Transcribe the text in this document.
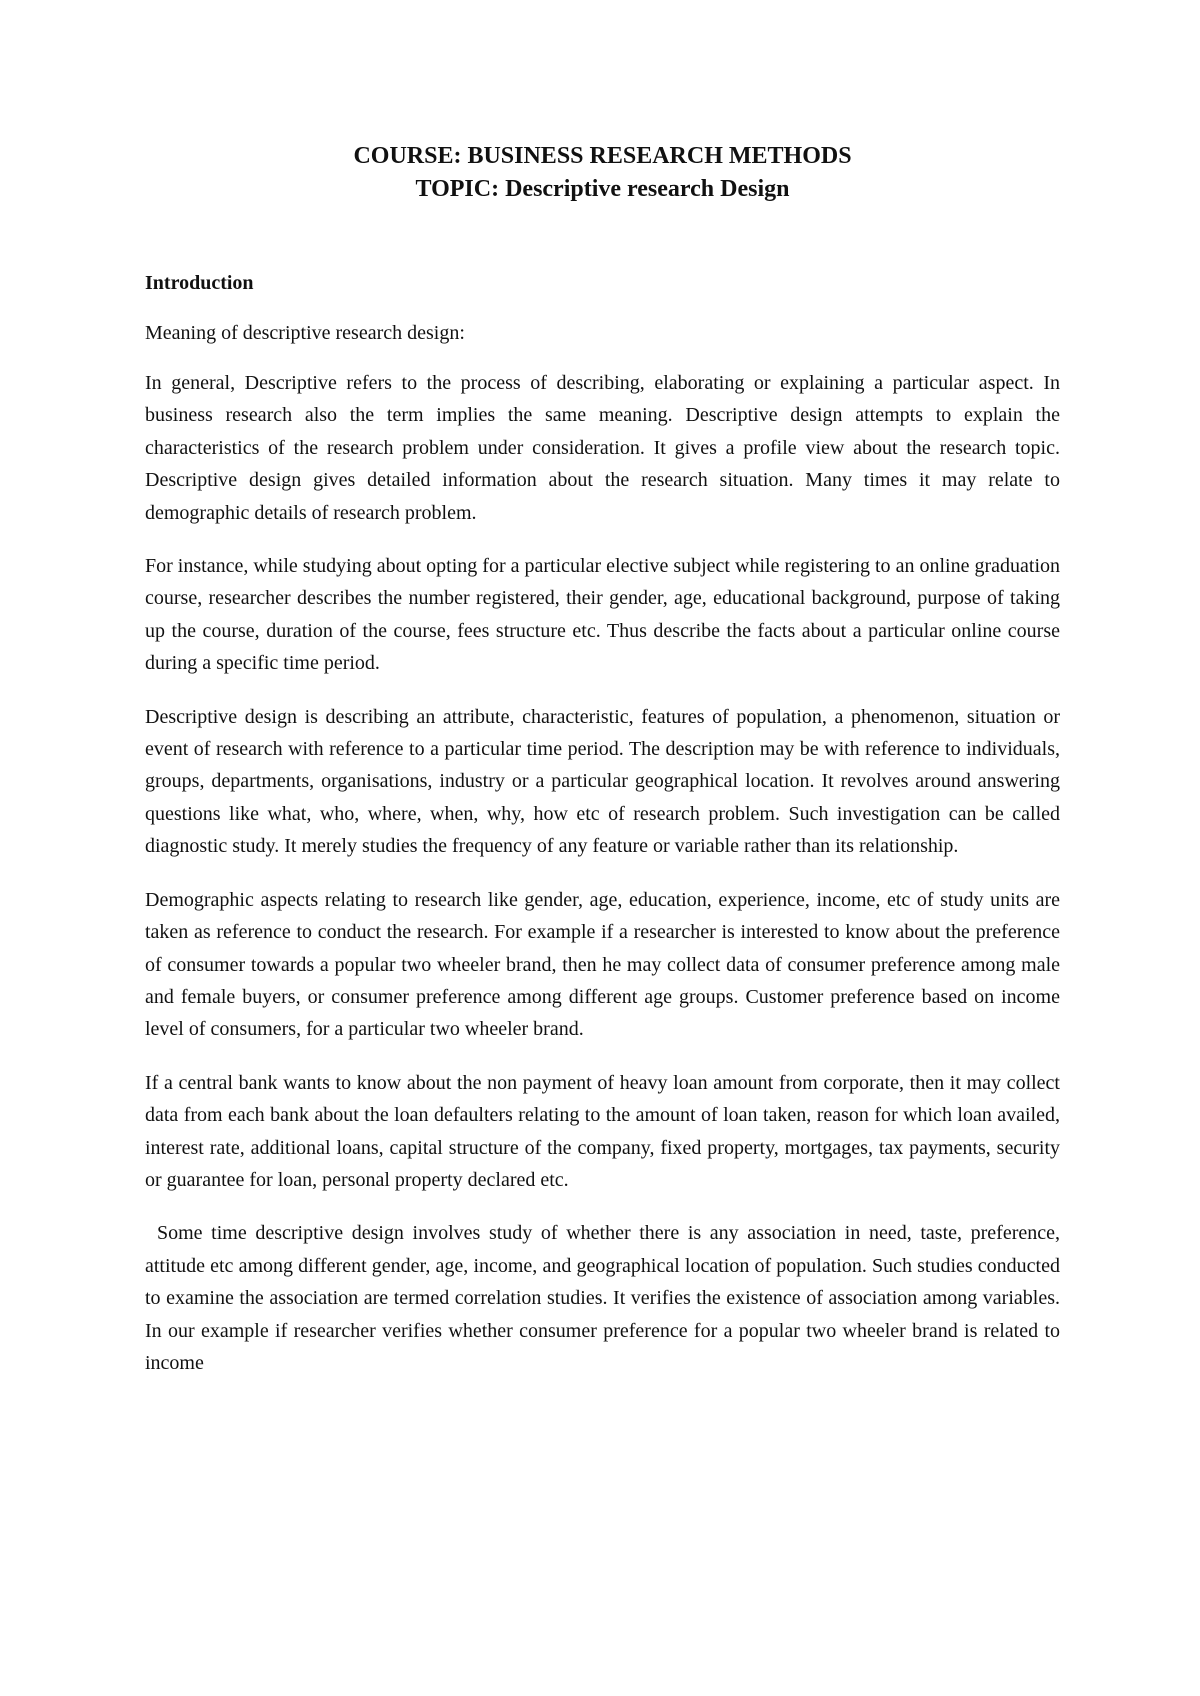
COURSE: BUSINESS RESEARCH METHODS
TOPIC: Descriptive research Design
Introduction
Meaning of descriptive research design:

In general, Descriptive refers to the process of describing, elaborating or explaining a particular aspect. In business research also the term implies the same meaning. Descriptive design attempts to explain the characteristics of the research problem under consideration. It gives a profile view about the research topic. Descriptive design gives detailed information about the research situation. Many times it may relate to demographic details of research problem.

For instance, while studying about opting for a particular elective subject while registering to an online graduation course, researcher describes the number registered, their gender, age, educational background, purpose of taking up the course, duration of the course, fees structure etc. Thus describe the facts about a particular online course during a specific time period.

Descriptive design is describing an attribute, characteristic, features of population, a phenomenon, situation or event of research with reference to a particular time period. The description may be with reference to individuals, groups, departments, organisations, industry or a particular geographical location. It revolves around answering questions like what, who, where, when, why, how etc of research problem. Such investigation can be called diagnostic study. It merely studies the frequency of any feature or variable rather than its relationship.

Demographic aspects relating to research like gender, age, education, experience, income, etc of study units are taken as reference to conduct the research. For example if a researcher is interested to know about the preference of consumer towards a popular two wheeler brand, then he may collect data of consumer preference among male and female buyers, or consumer preference among different age groups. Customer preference based on income level of consumers, for a particular two wheeler brand.

If a central bank wants to know about the non payment of heavy loan amount from corporate, then it may collect data from each bank about the loan defaulters relating to the amount of loan taken, reason for which loan availed, interest rate, additional loans, capital structure of the company, fixed property, mortgages, tax payments, security or guarantee for loan, personal property declared etc.

Some time descriptive design involves study of whether there is any association in need, taste, preference, attitude etc among different gender, age, income, and geographical location of population. Such studies conducted to examine the association are termed correlation studies. It verifies the existence of association among variables. In our example if researcher verifies whether consumer preference for a popular two wheeler brand is related to income
